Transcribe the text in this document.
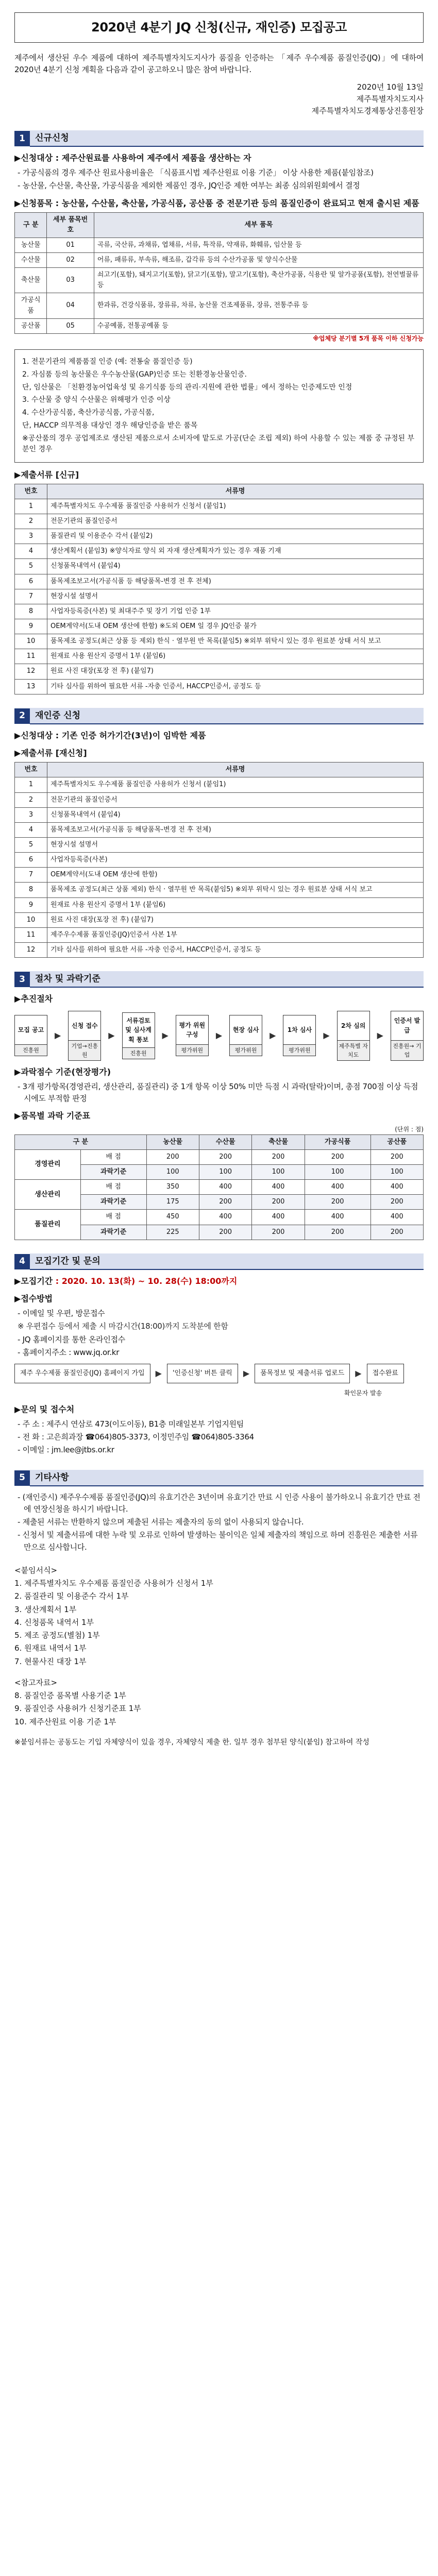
2020년 4분기 JQ 신청(신규, 재인증) 모집공고

제주에서 생산된 우수 제품에 대하여 제주특별자치도지사가 품질을 인증하는 「제주 우수제품 품질인증(JQ)」에 대하여 2020년 4분기 신청 계획을 다음과 같이 공고하오니 많은 참여 바랍니다.

2020년 10월 13일
제주특별자치도지사
제주특별자치도경제통상진흥원장
1	신규신청
▶신청대상 : 제주산원료를 사용하여 제주에서 제품을 생산하는 자

- 가공식품의 경우 제주산 원료사용비율은 「식품표시법 제주산원료 이용 기준」 이상 사용한 제품(붙임참조)

- 농산물, 수산물, 축산물, 가공식품을 제외한 제품인 경우, JQ인증 제한 여부는 최종 심의위원회에서 결정

▶신청품목 : 농산물, 수산물, 축산물, 가공식품, 공산품 중 전문기관 등의 품질인증이 완료되고 현재 출시된 제품
구 분	세부 품목번호	세부 품목
농산물	01	곡류, 국산류, 과채류, 엽채류, 서류, 특작류, 약재류, 화훼류, 임산물 등
수산물	02	어류, 패류류, 부속류, 해조류, 갑각류 등의 수산가공품 및 양식수산물
축산물	03	쇠고기(포함), 돼지고기(포함), 닭고기(포함), 말고기(포함), 축산가공품, 식용란 및 알가공품(포함), 천연벌꿀류 등
가공식품	04	한과류, 건강식품류, 장류류, 차류, 농산물 건조제품류, 장류, 전통주류 등
공산품	05	수공예품, 전통공예품 등
※업체당 분기별 5개 품목 이하 신청가능

1. 전문기관의 제품품질 인증 (예: 전통술 품질인증 등)

2. 자심품 등의 농산물은 우수농산물(GAP)인증 또는 친환경농산물인증.

단, 임산물은 「친환경농어업육성 및 유기식품 등의 관리·지원에 관한 법률」에서 정하는 인증제도만 인정

3. 수산물 중 양식 수산물은 위해평가 인증 이상

4. 수산가공식품, 축산가공식품, 가공식품,

단, HACCP 의무적용 대상인 경우 해당인증을 받은 품목

※공산품의 경우 공업제조로 생산된 제품으로서 소비자에 맡도로 가공(단순 조립 제외) 하여 사용할 수 있는 제품 중 규정된 부분인 경우

▶제출서류 [신규]
번호	서류명
1	제주특별자치도 우수제품 품질인증 사용허가 신청서 (붙임1)
2	전문기관의 품질인증서
3	품질관리 및 이용준수 각서 (붙임2)
4	생산계획서 (붙임3) ※양식자료 양식 외 자재 생산계획자가 있는 경우 재품 기재
5	신청품목내역서 (붙임4)
6	품목제조보고서(가공식품 등 해당품목-변경 전 후 전체)
7	현장시설 설명서
8	사업자등록증(사본) 및 최대주주 및 장기 기업 인증 1부
9	OEM계약서(도내 OEM 생산에 한함) ※도외 OEM 일 경우 JQ인증 불가
10	품목제조 공정도(최근 상품 등 제외) 한식 · 열무원 반 목록(붙임5) ※외부 위탁시 있는 경우 원료분 상태 서식 보고
11	원재료 사용 원산지 증명서 1부 (붙임6)
12	원료 사진 대장(포장 전 후) (붙임7)
13	기타 심사를 위하여 필요한 서류 -자충 인증서, HACCP인증서, 공정도 등
2	재인증 신청
▶신청대상 : 기존 인증 허가기간(3년)이 임박한 제품
▶제출서류 [재신청]
번호	서류명
1	제주특별자치도 우수제품 품질인증 사용허가 신청서 (붙임1)
2	전문기관의 품질인증서
3	신청품목내역서 (붙임4)
4	품목제조보고서(가공식품 등 해당품목-변경 전 후 전체)
5	현장시설 설명서
6	사업자등록증(사본)
7	OEM계약서(도내 OEM 생산에 한함)
8	품목제조 공정도(최근 상품 제외) 한식 · 열무원 반 목록(붙임5) ※외부 위탁시 있는 경우 원료분 상태 서식 보고
9	원재료 사용 원산지 증명서 1부 (붙임6)
10	원료 사진 대장(포장 전 후) (붙임7)
11	제주우수제품 품질인증(JQ)인증서 사본 1부
12	기타 심사를 위하여 필요한 서류 -자충 인증서, HACCP인증서, 공정도 등
3	절차 및 과락기준
▶추진절차
모집 공고
진흥원
▶
신청 접수
기업→진흥원
▶
서류검토 및 심사계획 통보
진흥원
▶
평가 위원 구성
평가위원
▶
현장 심사
평가위원
▶
1차 심사
평가위원
▶
2차 심의
제주특별 자치도
▶
인증서 발급
진흥원→ 기업
▶과락점수 기준(현장평가)

- 3개 평가항목(경영관리, 생산관리, 품질관리) 중 1개 항목 이상 50% 미만 득점 시 과락(탈락)이며, 총점 700점 이상 득점 시에도 부적합 판정

▶품목별 과락 기준표
(단위 : 점)
구 분		농산물	수산물	축산물	가공식품	공산품
경영관리	배 점	200	200	200	200	200
	과락기준	100	100	100	100	100
생산관리	배 점	350	400	400	400	400
	과락기준	175	200	200	200	200
품질관리	배 점	450	400	400	400	400
	과락기준	225	200	200	200	200
4	모집기간 및 문의
▶모집기간 : 2020. 10. 13(화) ~ 10. 28(수) 18:00까지
▶접수방법

- 이메일 및 우편, 방문접수

※ 우편접수 등에서 제출 시 마감시간(18:00)까지 도착분에 한함

- JQ 홈페이지를 통한 온라인접수

- 홈페이지주소 : www.jq.or.kr

제주 우수제품 품질인증(JQ) 홈페이지 가입	▶	'인증신청' 버튼 클릭	▶	품목정보 및 제출서류 업로드	▶	접수완료
확인문자 발송
▶문의 및 접수처

- 주 소 : 제주시 연삼로 473(이도이동), B1층 미래일본부 기업지원팀

- 전 화 : 고은희과장 ☎064)805-3373, 이정민주임 ☎064)805-3364

- 이메일 : jm.lee@jtbs.or.kr

5	기타사항

- (재인증시) 제주우수제품 품질인증(JQ)의 유효기간은 3년이며 유효기간 만료 시 인증 사용이 불가하오니 유효기간 만료 전에 연장신청을 하시기 바랍니다.

- 제출된 서류는 반환하지 않으며 제출된 서류는 제출자의 동의 없이 사용되지 않습니다.

- 신청서 및 제출서류에 대한 누락 및 오류로 인하여 발생하는 불이익은 일체 제출자의 책임으로 하며 진흥원은 제출한 서류만으로 심사합니다.

<붙임서식>

1. 제주특별자치도 우수제품 품질인증 사용허가 신청서 1부

2. 품질관리 및 이용준수 각서 1부

3. 생산계획서 1부

4. 신청품목 내역서 1부

5. 제조 공정도(별첨) 1부

6. 원재료 내역서 1부

7. 현물사진 대장 1부

<참고자료>

8. 품질인증 품목별 사용기준 1부

9. 품질인증 사용허가 신청기준표 1부

10. 제주산원료 이용 기준 1부

※붙임서류는 공동도는 기입 자체양식이 있을 경우, 자체양식 제출 한. 일부 경우 첨부된 양식(붙임) 참고하여 작성
